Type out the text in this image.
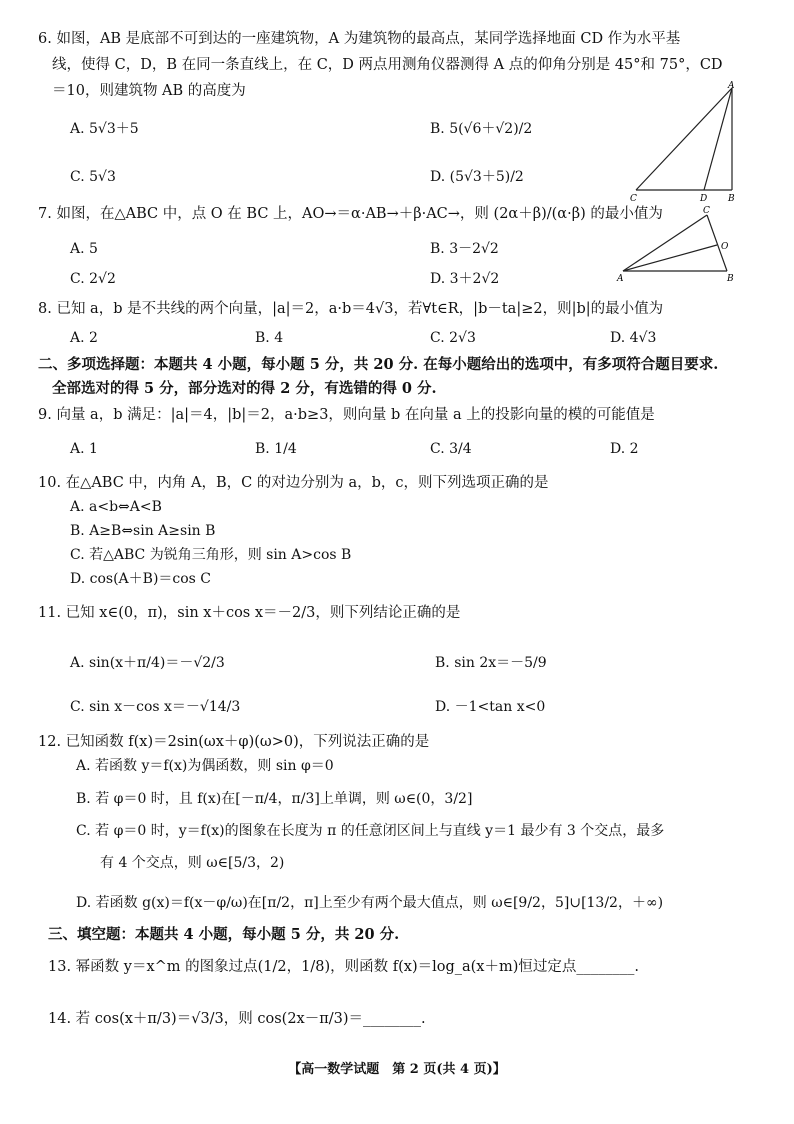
6. 如图，AB 是底部不可到达的一座建筑物，A 为建筑物的最高点，某同学选择地面 CD 作为水平基
线，使得 C，D，B 在同一条直线上，在 C，D 两点用测角仪器测得 A 点的仰角分别是 45°和 75°，CD
＝10，则建筑物 AB 的高度为
A. 5√3＋5	B. 5(√6＋√2)/2
C. 5√3	D. (5√3＋5)/2
A
C	D B
7. 如图，在△ABC 中，点 O 在 BC 上，AO→＝α·AB→＋β·AC→，则 (2α＋β)/(α·β) 的最小值为
A. 5	B. 3－2√2
C. 2√2	D. 3＋2√2
C
O
A	B
8. 已知 a，b 是不共线的两个向量，|a|＝2，a·b＝4√3，若∀t∈R，|b－ta|≥2，则|b|的最小值为
A. 2	B. 4	C. 2√3	D. 4√3
二、多项选择题：本题共 4 小题，每小题 5 分，共 20 分. 在每小题给出的选项中，有多项符合题目要求.
全部选对的得 5 分，部分选对的得 2 分，有选错的得 0 分.
9. 向量 a，b 满足：|a|＝4，|b|＝2，a·b≥3，则向量 b 在向量 a 上的投影向量的模的可能值是
A. 1	B. 1/4	C. 3/4	D. 2
10. 在△ABC 中，内角 A，B，C 的对边分别为 a，b，c，则下列选项正确的是
A. a<b⇔A<B
B. A≥B⇔sin A≥sin B
C. 若△ABC 为锐角三角形，则 sin A>cos B
D. cos(A＋B)＝cos C
11. 已知 x∈(0，π)，sin x＋cos x＝－2/3，则下列结论正确的是
A. sin(x＋π/4)＝－√2/3	B. sin 2x＝－5/9
C. sin x－cos x＝－√14/3	D. －1<tan x<0
12. 已知函数 f(x)＝2sin(ωx＋φ)(ω>0)，下列说法正确的是
A. 若函数 y＝f(x)为偶函数，则 sin φ＝0
B. 若 φ＝0 时，且 f(x)在[－π/4，π/3]上单调，则 ω∈(0，3/2]
C. 若 φ＝0 时，y＝f(x)的图象在长度为 π 的任意闭区间上与直线 y＝1 最少有 3 个交点，最多
有 4 个交点，则 ω∈[5/3，2)
D. 若函数 g(x)＝f(x－φ/ω)在[π/2，π]上至少有两个最大值点，则 ω∈[9/2，5]∪[13/2，＋∞)
三、填空题：本题共 4 小题，每小题 5 分，共 20 分.
13. 幂函数 y＝x^m 的图象过点(1/2，1/8)，则函数 f(x)＝log_a(x＋m)恒过定点________.
14. 若 cos(x＋π/3)＝√3/3，则 cos(2x－π/3)＝________.
【高一数学试题　第 2 页(共 4 页)】
